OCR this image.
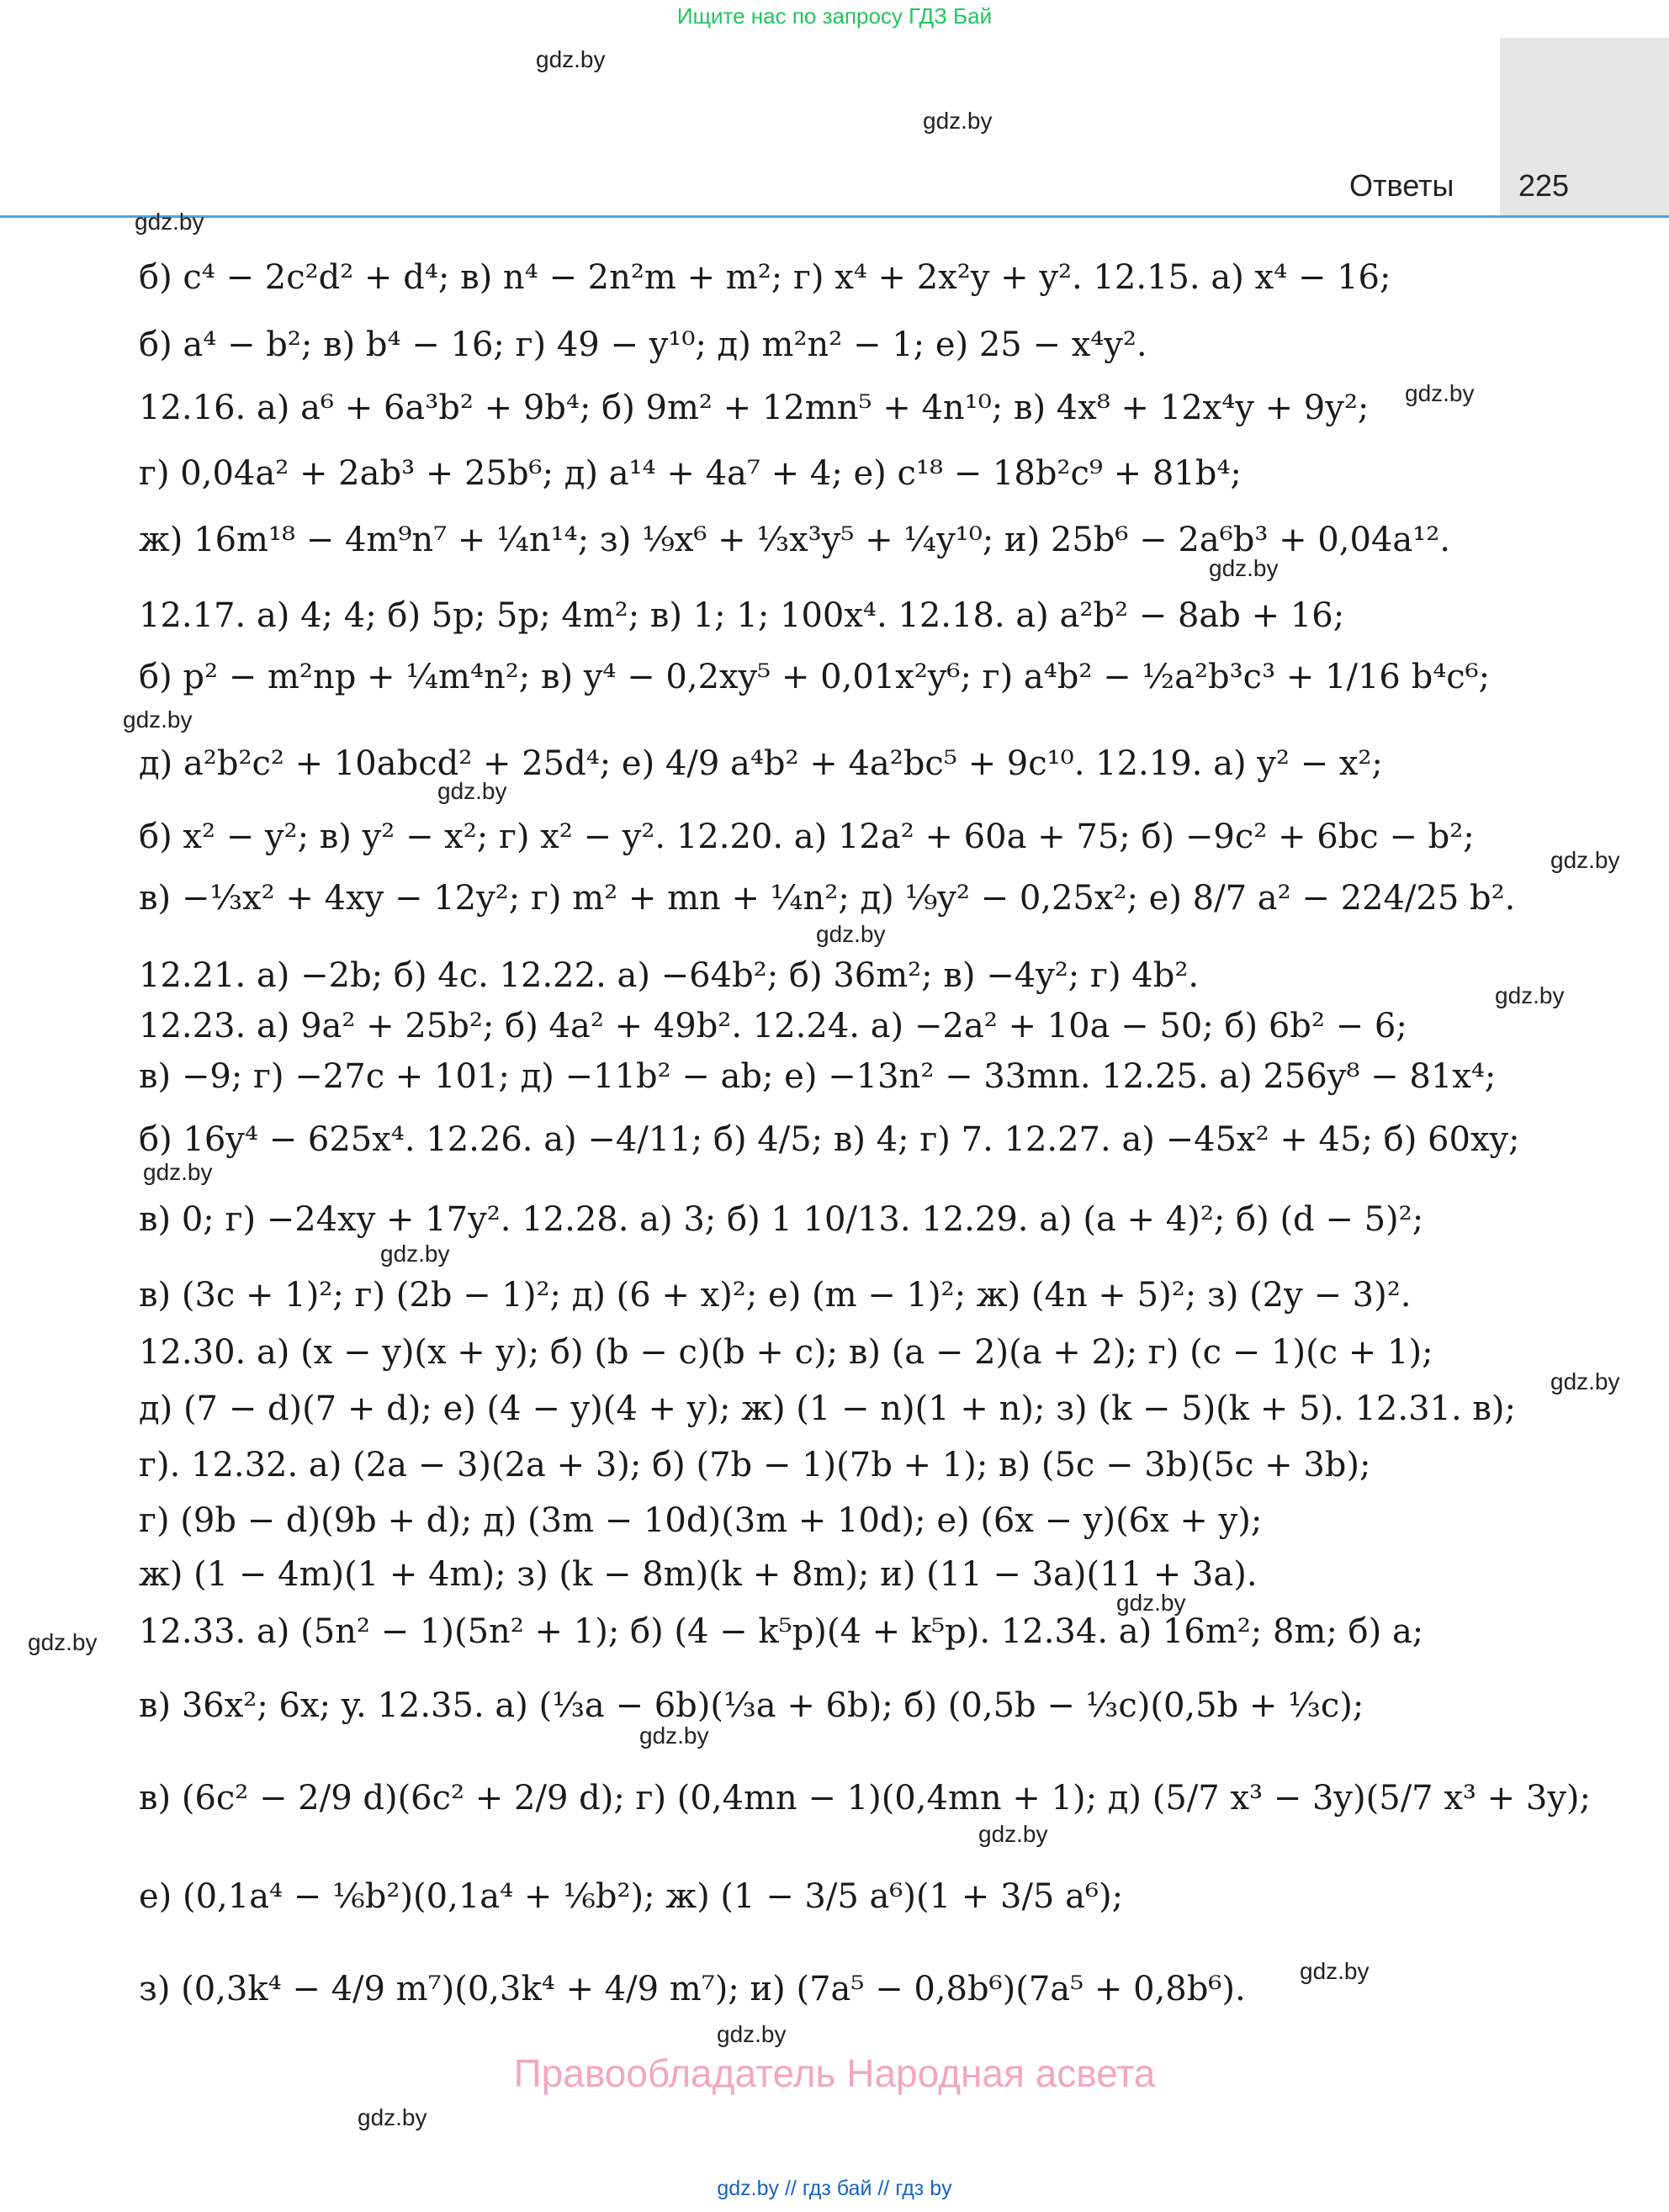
Ищите нас по запросу ГДЗ Бай
Ответы 225
gdz.by
gdz.by
gdz.by
gdz.by
gdz.by
gdz.by
gdz.by
gdz.by
gdz.by
gdz.by
gdz.by
gdz.by
gdz.by
gdz.by
gdz.by
gdz.by
gdz.by
gdz.by
gdz.by
gdz.by
б) c⁴ − 2c²d² + d⁴; в) n⁴ − 2n²m + m²; г) x⁴ + 2x²y + y². 12.15. а) x⁴ − 16;
б) a⁴ − b²; в) b⁴ − 16; г) 49 − y¹⁰; д) m²n² − 1; е) 25 − x⁴y².
12.16. а) a⁶ + 6a³b² + 9b⁴; б) 9m² + 12mn⁵ + 4n¹⁰; в) 4x⁸ + 12x⁴y + 9y²;
г) 0,04a² + 2ab³ + 25b⁶; д) a¹⁴ + 4a⁷ + 4; е) c¹⁸ − 18b²c⁹ + 81b⁴;
ж) 16m¹⁸ − 4m⁹n⁷ + ¼n¹⁴; з) ⅑x⁶ + ⅓x³y⁵ + ¼y¹⁰; и) 25b⁶ − 2a⁶b³ + 0,04a¹².
12.17. а) 4; 4; б) 5p; 5p; 4m²; в) 1; 1; 100x⁴. 12.18. а) a²b² − 8ab + 16;
б) p² − m²np + ¼m⁴n²; в) y⁴ − 0,2xy⁵ + 0,01x²y⁶; г) a⁴b² − ½a²b³c³ + 1/16 b⁴c⁶;
д) a²b²c² + 10abcd² + 25d⁴; е) 4/9 a⁴b² + 4a²bc⁵ + 9c¹⁰. 12.19. а) y² − x²;
б) x² − y²; в) y² − x²; г) x² − y². 12.20. а) 12a² + 60a + 75; б) −9c² + 6bc − b²;
в) −⅓x² + 4xy − 12y²; г) m² + mn + ¼n²; д) ⅑y² − 0,25x²; е) 8/7 a² − 224/25 b².
12.21. а) −2b; б) 4c. 12.22. а) −64b²; б) 36m²; в) −4y²; г) 4b².
12.23. а) 9a² + 25b²; б) 4a² + 49b². 12.24. а) −2a² + 10a − 50; б) 6b² − 6;
в) −9; г) −27c + 101; д) −11b² − ab; е) −13n² − 33mn. 12.25. а) 256y⁸ − 81x⁴;
б) 16y⁴ − 625x⁴. 12.26. а) −4/11; б) 4/5; в) 4; г) 7. 12.27. а) −45x² + 45; б) 60xy;
в) 0; г) −24xy + 17y². 12.28. а) 3; б) 1 10/13. 12.29. а) (a + 4)²; б) (d − 5)²;
в) (3c + 1)²; г) (2b − 1)²; д) (6 + x)²; е) (m − 1)²; ж) (4n + 5)²; з) (2y − 3)².
12.30. а) (x − y)(x + y); б) (b − c)(b + c); в) (a − 2)(a + 2); г) (c − 1)(c + 1);
д) (7 − d)(7 + d); е) (4 − y)(4 + y); ж) (1 − n)(1 + n); з) (k − 5)(k + 5). 12.31. в);
г). 12.32. а) (2a − 3)(2a + 3); б) (7b − 1)(7b + 1); в) (5c − 3b)(5c + 3b);
г) (9b − d)(9b + d); д) (3m − 10d)(3m + 10d); е) (6x − y)(6x + y);
ж) (1 − 4m)(1 + 4m); з) (k − 8m)(k + 8m); и) (11 − 3a)(11 + 3a).
12.33. а) (5n² − 1)(5n² + 1); б) (4 − k⁵p)(4 + k⁵p). 12.34. а) 16m²; 8m; б) a;
в) 36x²; 6x; y. 12.35. а) (⅓a − 6b)(⅓a + 6b); б) (0,5b − ⅓c)(0,5b + ⅓c);
в) (6c² − 2/9 d)(6c² + 2/9 d); г) (0,4mn − 1)(0,4mn + 1); д) (5/7 x³ − 3y)(5/7 x³ + 3y);
е) (0,1a⁴ − ⅙b²)(0,1a⁴ + ⅙b²); ж) (1 − 3/5 a⁶)(1 + 3/5 a⁶);
з) (0,3k⁴ − 4/9 m⁷)(0,3k⁴ + 4/9 m⁷); и) (7a⁵ − 0,8b⁶)(7a⁵ + 0,8b⁶).
Правообладатель Народная асвета
gdz.by // гдз бай // гдз by
